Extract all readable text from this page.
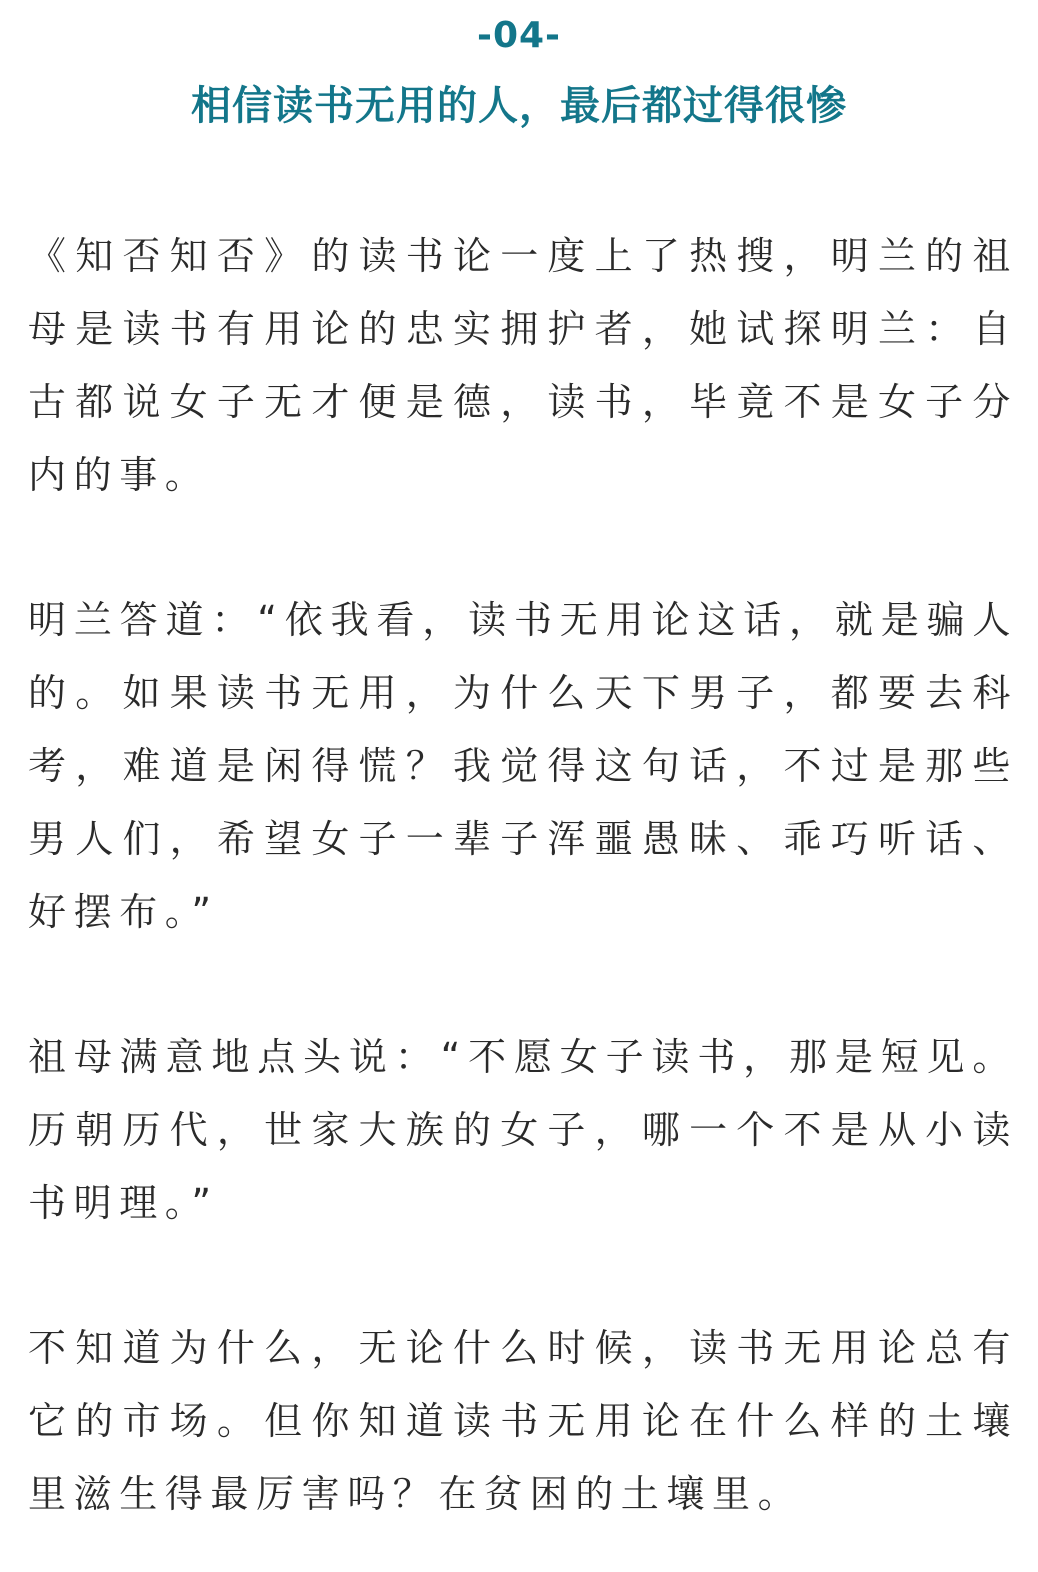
-04-
相信读书无用的人，最后都过得很惨

《知否知否》的读书论一度上了热搜，明兰的祖母是读书有用论的忠实拥护者，她试探明兰：自古都说女子无才便是德，读书，毕竟不是女子分内的事。

明兰答道：“依我看，读书无用论这话，就是骗人的。如果读书无用，为什么天下男子，都要去科考，难道是闲得慌？我觉得这句话，不过是那些男人们，希望女子一辈子浑噩愚昧、乖巧听话、好摆布。”

祖母满意地点头说：“不愿女子读书，那是短见。历朝历代，世家大族的女子，哪一个不是从小读书明理。”

不知道为什么，无论什么时候，读书无用论总有它的市场。但你知道读书无用论在什么样的土壤里滋生得最厉害吗？在贫困的土壤里。
